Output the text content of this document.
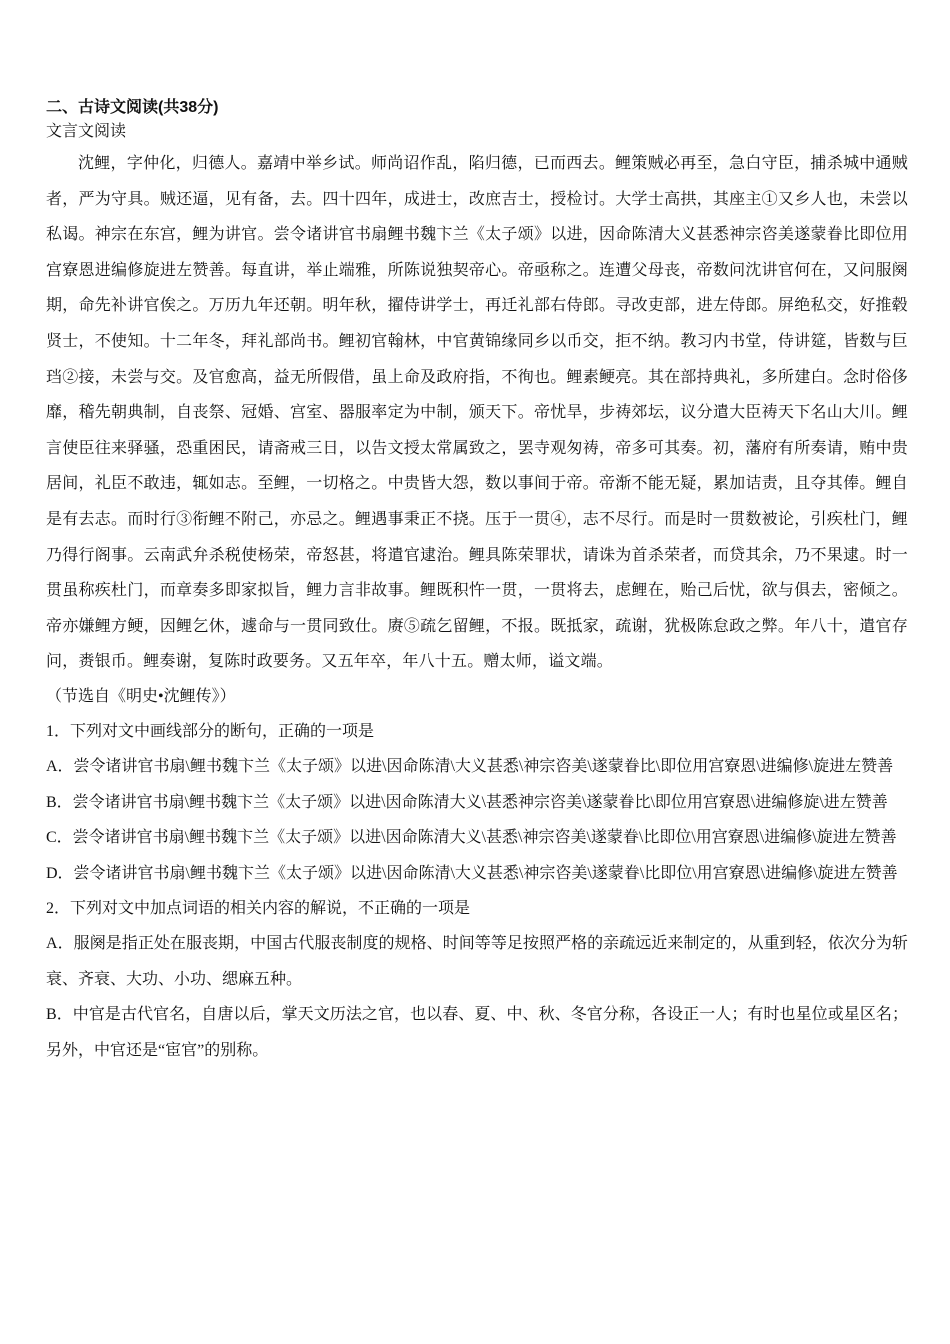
二、古诗文阅读(共38分)

文言文阅读

沈鲤，字仲化，归德人。嘉靖中举乡试。师尚诏作乱，陷归德，已而西去。鲤策贼必再至，急白守臣，捕杀城中通贼者，严为守具。贼还逼，见有备，去。四十四年，成进士，改庶吉士，授检讨。大学士高拱，其座主①又乡人也，未尝以私谒。神宗在东宫，鲤为讲官。尝令诸讲官书扇鲤书魏卞兰《太子颂》以进，因命陈清大义甚悉神宗咨美遂蒙眷比即位用宫寮恩进编修旋进左赞善。每直讲，举止端雅，所陈说独契帝心。帝亟称之。连遭父母丧，帝数问沈讲官何在，又问服阕期，命先补讲官俟之。万历九年还朝。明年秋，擢侍讲学士，再迁礼部右侍郎。寻改吏部，进左侍郎。屏绝私交，好推毂贤士，不使知。十二年冬，拜礼部尚书。鲤初官翰林，中官黄锦缘同乡以币交，拒不纳。教习内书堂，侍讲筵，皆数与巨珰②接，未尝与交。及官愈高，益无所假借，虽上命及政府指，不徇也。鲤素鲠亮。其在部持典礼，多所建白。念时俗侈靡，稽先朝典制，自丧祭、冠婚、宫室、器服率定为中制，颁天下。帝忧旱，步祷郊坛，议分遣大臣祷天下名山大川。鲤言使臣往来驿骚，恐重困民，请斋戒三日，以告文授太常属致之，罢寺观匆祷，帝多可其奏。初，藩府有所奏请，贿中贵居间，礼臣不敢违，辄如志。至鲤，一切格之。中贵皆大怨，数以事间于帝。帝渐不能无疑，累加诘责，且夺其俸。鲤自是有去志。而时行③衔鲤不附己，亦忌之。鲤遇事秉正不挠。压于一贯④，志不尽行。而是时一贯数被论，引疾杜门，鲤乃得行阁事。云南武弁杀税使杨荣，帝怒甚，将遣官逮治。鲤具陈荣罪状，请诛为首杀荣者，而贷其余，乃不果逮。时一贯虽称疾杜门，而章奏多即家拟旨，鲤力言非故事。鲤既积忤一贯，一贯将去，虑鲤在，贻己后忧，欲与俱去，密倾之。帝亦嫌鲤方鲠，因鲤乞休，遽命与一贯同致仕。赓⑤疏乞留鲤，不报。既抵家，疏谢，犹极陈怠政之弊。年八十，遣官存问，赉银币。鲤奏谢，复陈时政要务。又五年卒，年八十五。赠太师，谥文端。

（节选自《明史•沈鲤传》）

1．下列对文中画线部分的断句，正确的一项是

A．尝令诸讲官书扇\鲤书魏卞兰《太子颂》以进\因命陈清\大义甚悉\神宗咨美\遂蒙眷比\即位用宫寮恩\进编修\旋进左赞善

B．尝令诸讲官书扇\鲤书魏卞兰《太子颂》以进\因命陈清大义\甚悉神宗咨美\遂蒙眷比\即位用宫寮恩\进编修旋\进左赞善

C．尝令诸讲官书扇\鲤书魏卞兰《太子颂》以进\因命陈清大义\甚悉\神宗咨美\遂蒙眷\比即位\用宫寮恩\进编修\旋进左赞善

D．尝令诸讲官书扇\鲤书魏卞兰《太子颂》以进\因命陈清\大义甚悉\神宗咨美\遂蒙眷\比即位\用宫寮恩\进编修\旋进左赞善

2．下列对文中加点词语的相关内容的解说，不正确的一项是

A．服阕是指正处在服丧期，中国古代服丧制度的规格、时间等等足按照严格的亲疏远近来制定的，从重到轻，依次分为斩衰、齐衰、大功、小功、缌麻五种。

B．中官是古代官名，自唐以后，掌天文历法之官，也以春、夏、中、秋、冬官分称，各设正一人；有时也星位或星区名；另外，中官还是“宦官”的别称。
